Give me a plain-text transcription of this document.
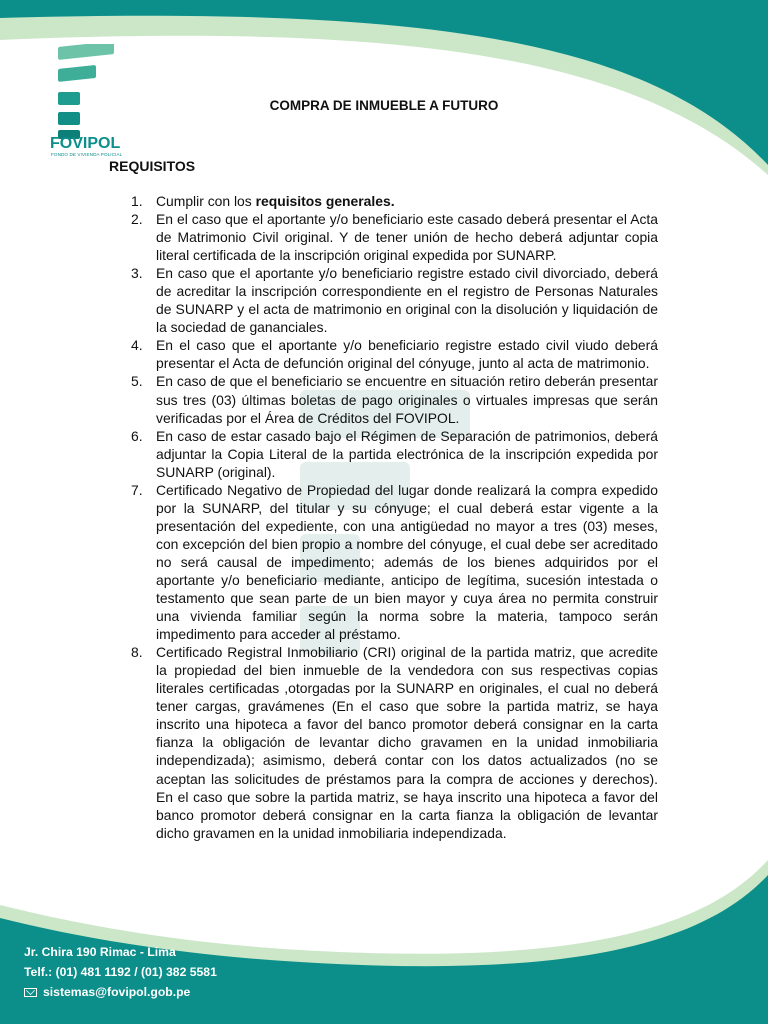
FOVIPOL
FONDO DE VIVIENDA POLICIAL
COMPRA DE INMUEBLE A FUTURO
REQUISITOS
1. Cumplir con los requisitos generales.
2. En el caso que el aportante y/o beneficiario este casado deberá presentar el Acta de Matrimonio Civil original. Y de tener unión de hecho deberá adjuntar copia literal certificada de la inscripción original expedida por SUNARP.
3. En caso que el aportante y/o beneficiario registre estado civil divorciado, deberá de acreditar la inscripción correspondiente en el registro de Personas Naturales de SUNARP y el acta de matrimonio en original con la disolución y liquidación de la sociedad de gananciales.
4. En el caso que el aportante y/o beneficiario registre estado civil viudo deberá presentar el Acta de defunción original del cónyuge, junto al acta de matrimonio.
5. En caso de que el beneficiario se encuentre en situación retiro deberán presentar sus tres (03) últimas boletas de pago originales o virtuales impresas que serán verificadas por el Área de Créditos del FOVIPOL.
6. En caso de estar casado bajo el Régimen de Separación de patrimonios, deberá adjuntar la Copia Literal de la partida electrónica de la inscripción expedida por SUNARP (original).
7. Certificado Negativo de Propiedad del lugar donde realizará la compra expedido por la SUNARP, del titular y su cónyuge; el cual deberá estar vigente a la presentación del expediente, con una antigüedad no mayor a tres (03) meses, con excepción del bien propio a nombre del cónyuge, el cual debe ser acreditado no será causal de impedimento; además de los bienes adquiridos por el aportante y/o beneficiario mediante, anticipo de legítima, sucesión intestada o testamento que sean parte de un bien mayor y cuya área no permita construir una vivienda familiar según la norma sobre la materia, tampoco serán impedimento para acceder al préstamo.
8. Certificado Registral Inmobiliario (CRI) original de la partida matriz, que acredite la propiedad del bien inmueble de la vendedora con sus respectivas copias literales certificadas ,otorgadas por la SUNARP en originales, el cual no deberá tener cargas, gravámenes (En el caso que sobre la partida matriz, se haya inscrito una hipoteca a favor del banco promotor deberá consignar en la carta fianza la obligación de levantar dicho gravamen en la unidad inmobiliaria independizada); asimismo, deberá contar con los datos actualizados (no se aceptan las solicitudes de préstamos para la compra de acciones y derechos). En el caso que sobre la partida matriz, se haya inscrito una hipoteca a favor del banco promotor deberá consignar en la carta fianza la obligación de levantar dicho gravamen en la unidad inmobiliaria independizada.
Jr. Chira 190 Rimac - Lima
Telf.: (01) 481 1192 / (01) 382 5581
sistemas@fovipol.gob.pe
